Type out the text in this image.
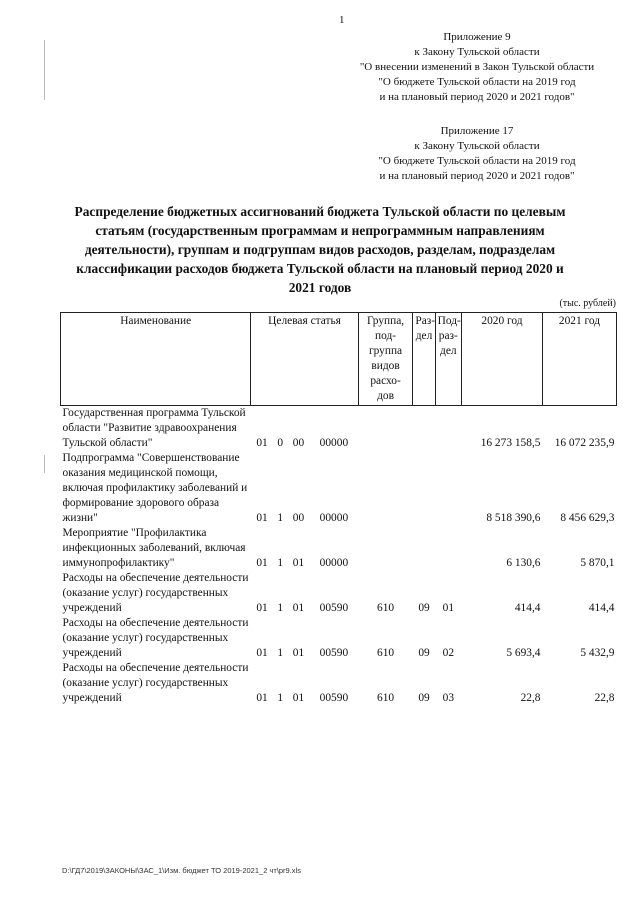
1
Приложение 9
к Закону Тульской области
"О внесении изменений в Закон Тульской области
"О бюджете Тульской области на 2019 год
и на плановый период 2020 и 2021 годов"
Приложение 17
к Закону Тульской области
"О бюджете Тульской области на 2019 год
и на плановый период 2020 и 2021 годов"
Распределение бюджетных ассигнований бюджета Тульской области по целевым статьям (государственным программам и непрограммным направлениям деятельности), группам и подгруппам видов расходов, разделам, подразделам классификации расходов бюджета Тульской области на плановый период 2020 и 2021 годов
(тыс. рублей)
Наименование	Целевая статья				Группа, под- группа видов расхо- дов	Раз- дел	Под- раз- дел	2020 год	2021 год
Государственная программа Тульской области "Развитие здравоохранения Тульской области"	01	0	00	00000				16 273 158,5	16 072 235,9
Подпрограмма "Совершенствование оказания медицинской помощи, включая профилактику заболеваний и формирование здорового образа жизни"	01	1	00	00000				8 518 390,6	8 456 629,3
Мероприятие "Профилактика инфекционных заболеваний, включая иммунопрофилактику"	01	1	01	00000				6 130,6	5 870,1
Расходы на обеспечение деятельности (оказание услуг) государственных учреждений	01	1	01	00590	610	09	01	414,4	414,4
Расходы на обеспечение деятельности (оказание услуг) государственных учреждений	01	1	01	00590	610	09	02	5 693,4	5 432,9
Расходы на обеспечение деятельности (оказание услуг) государственных учреждений	01	1	01	00590	610	09	03	22,8	22,8
D:\ГД7\2019\ЗАКОНЫ\ЗАС_1\Изм. бюджет ТО 2019-2021_2 чт\pr9.xls
